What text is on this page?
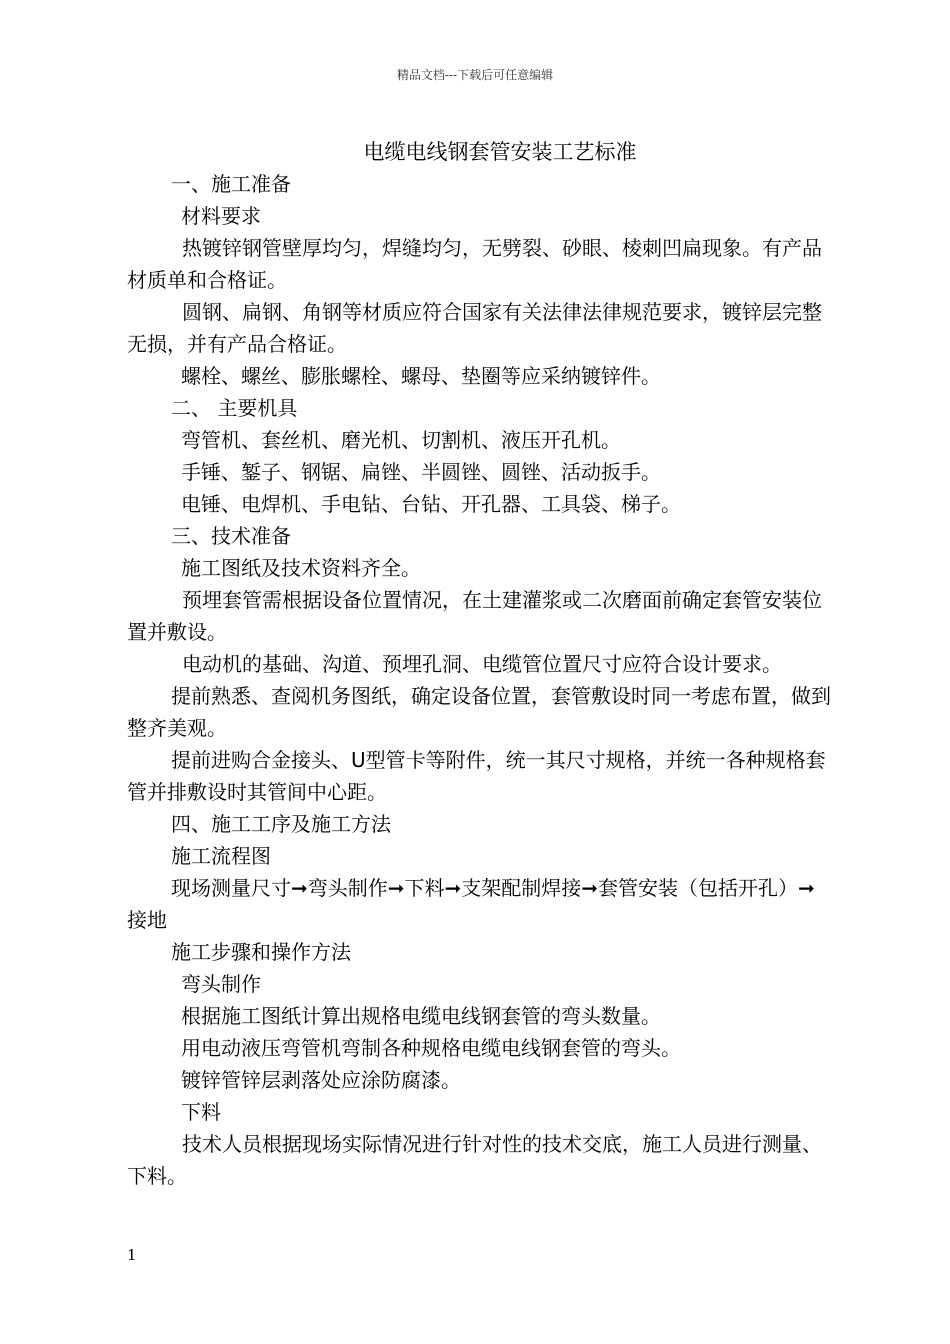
精品文档---下载后可任意编辑
电缆电线钢套管安装工艺标准

一、施工准备

材料要求

热镀锌钢管壁厚均匀，焊缝均匀，无劈裂、砂眼、棱刺凹扁现象。有产品材质单和合格证。

圆钢、扁钢、角钢等材质应符合国家有关法律法律规范要求，镀锌层完整无损，并有产品合格证。

螺栓、螺丝、膨胀螺栓、螺母、垫圈等应采纳镀锌件。

二、 主要机具

弯管机、套丝机、磨光机、切割机、液压开孔机。

手锤、錾子、钢锯、扁锉、半圆锉、圆锉、活动扳手。

电锤、电焊机、手电钻、台钻、开孔器、工具袋、梯子。

三、技术准备

施工图纸及技术资料齐全。

预埋套管需根据设备位置情况，在土建灌浆或二次磨面前确定套管安装位置并敷设。

电动机的基础、沟道、预埋孔洞、电缆管位置尺寸应符合设计要求。

提前熟悉、查阅机务图纸，确定设备位置，套管敷设时同一考虑布置，做到整齐美观。

提前进购合金接头、U型管卡等附件，统一其尺寸规格，并统一各种规格套管并排敷设时其管间中心距。

四、施工工序及施工方法

施工流程图

现场测量尺寸➞弯头制作➞下料➞支架配制焊接➞套管安装（包括开孔）➞接地

施工步骤和操作方法

弯头制作

根据施工图纸计算出规格电缆电线钢套管的弯头数量。

用电动液压弯管机弯制各种规格电缆电线钢套管的弯头。

镀锌管锌层剥落处应涂防腐漆。

下料

技术人员根据现场实际情况进行针对性的技术交底，施工人员进行测量、下料。

1
